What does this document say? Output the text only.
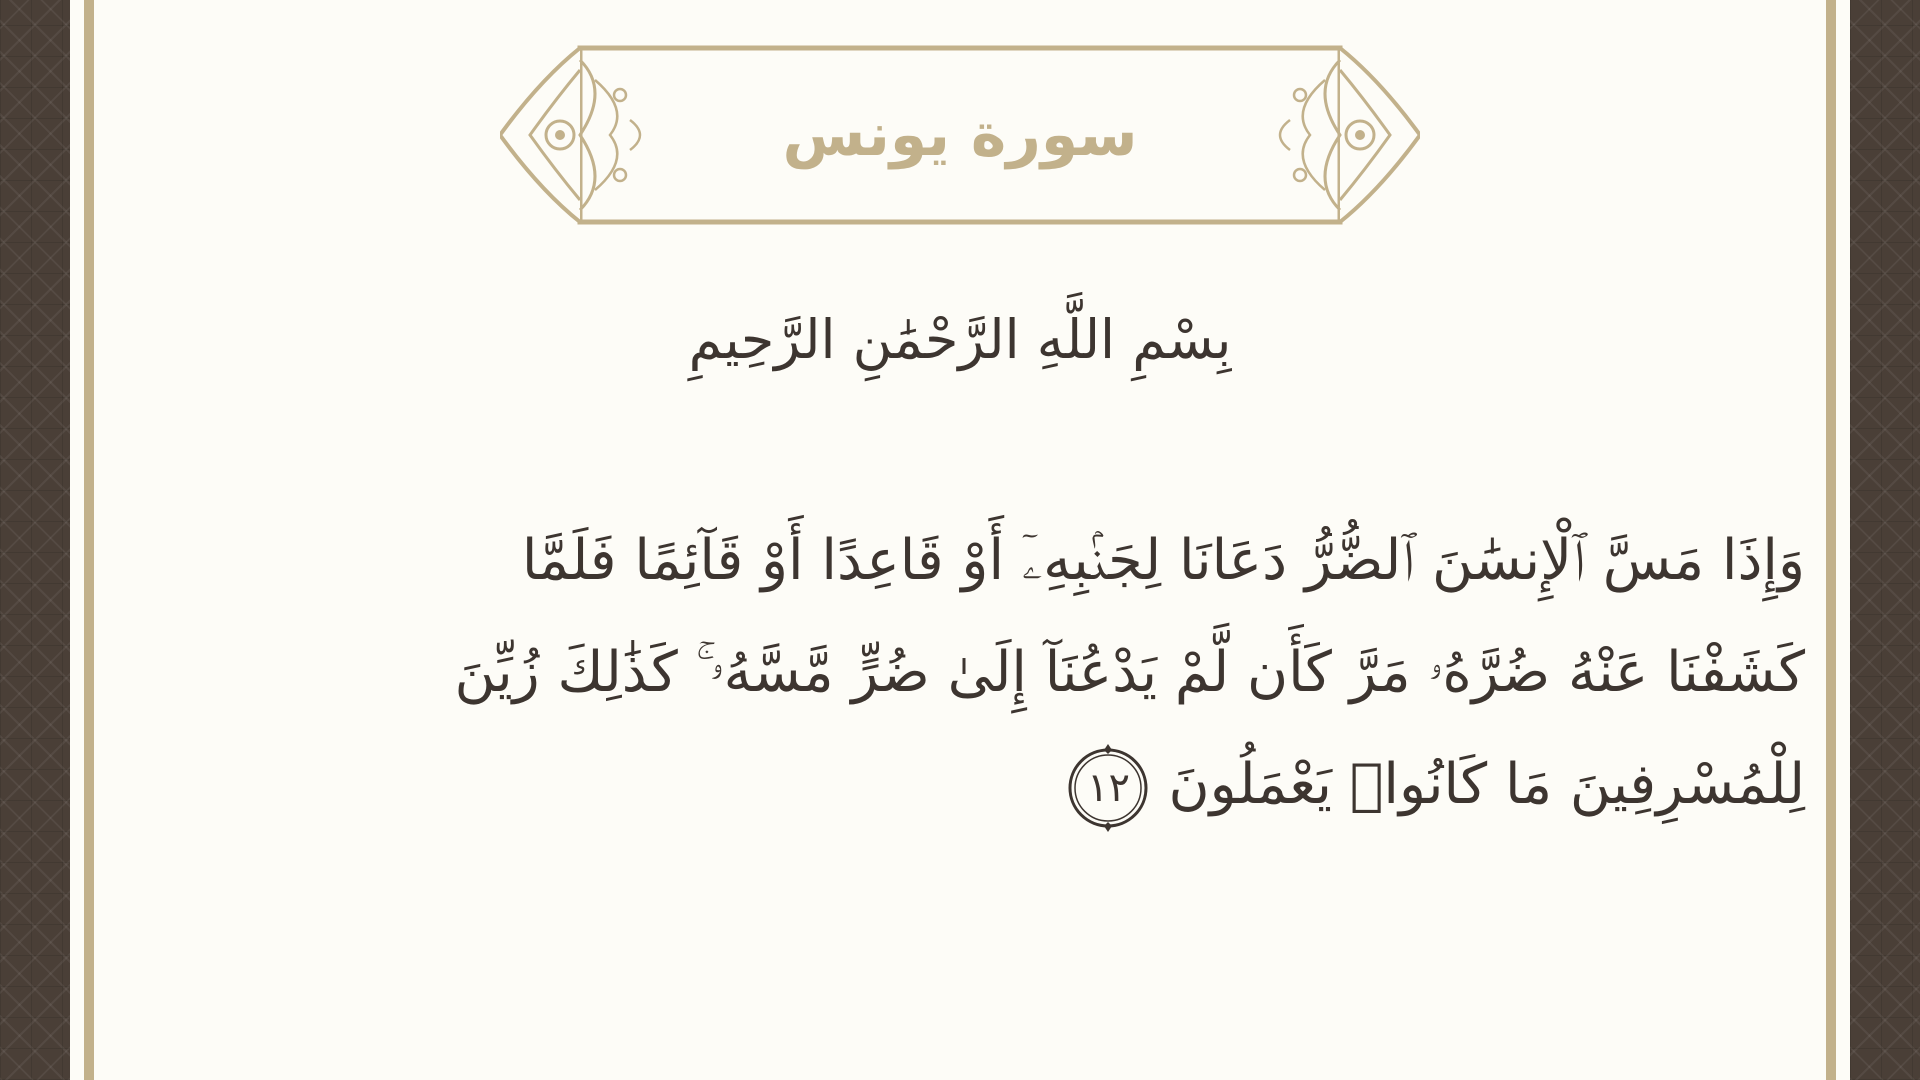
سورة يونس
بِسْمِ اللَّهِ الرَّحْمَٰنِ الرَّحِيمِ
وَإِذَا مَسَّ ٱلْإِنسَٰنَ ٱلضُّرُّ دَعَانَا لِجَنۢبِهِۦٓ أَوْ قَاعِدًا أَوْ قَآئِمًا فَلَمَّا
كَشَفْنَا عَنْهُ ضُرَّهُۥ مَرَّ كَأَن لَّمْ يَدْعُنَآ إِلَىٰ ضُرٍّ مَّسَّهُۥ ۚ كَذَٰلِكَ زُيِّنَ
لِلْمُسْرِفِينَ مَا كَانُوا۟ يَعْمَلُونَ
١٢
